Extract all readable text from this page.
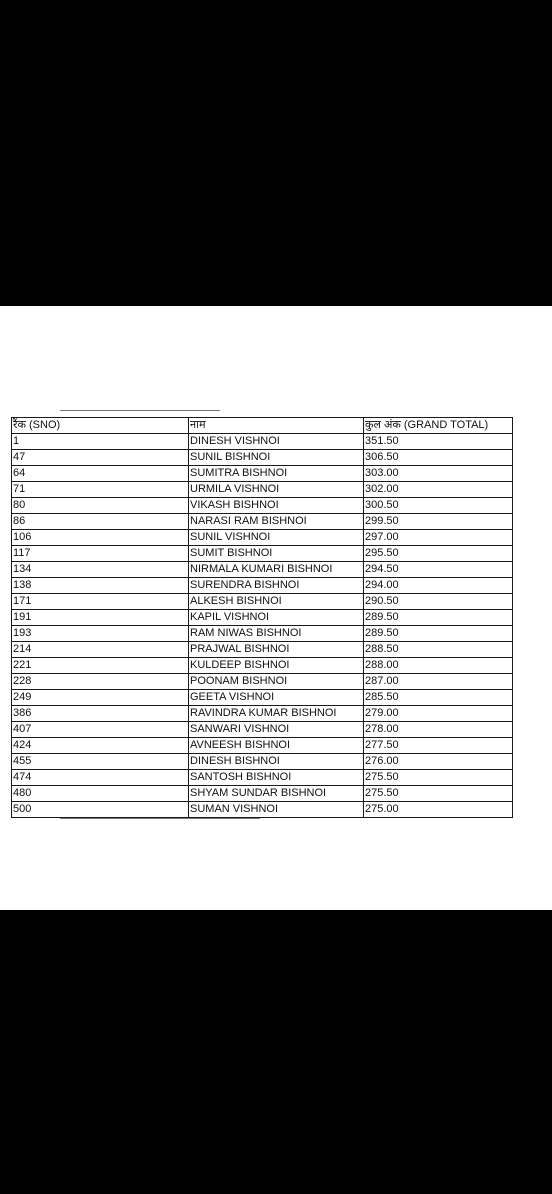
रैंक (SNO)	नाम	कुल अंक (GRAND TOTAL)
1	DINESH VISHNOI	351.50
47	SUNIL BISHNOI	306.50
64	SUMITRA BISHNOI	303.00
71	URMILA VISHNOI	302.00
80	VIKASH BISHNOI	300.50
86	NARASI RAM BISHNOI	299.50
106	SUNIL VISHNOI	297.00
117	SUMIT BISHNOI	295.50
134	NIRMALA KUMARI BISHNOI	294.50
138	SURENDRA BISHNOI	294.00
171	ALKESH BISHNOI	290.50
191	KAPIL VISHNOI	289.50
193	RAM NIWAS BISHNOI	289.50
214	PRAJWAL BISHNOI	288.50
221	KULDEEP BISHNOI	288.00
228	POONAM BISHNOI	287.00
249	GEETA VISHNOI	285.50
386	RAVINDRA KUMAR BISHNOI	279.00
407	SANWARI VISHNOI	278.00
424	AVNEESH BISHNOI	277.50
455	DINESH BISHNOI	276.00
474	SANTOSH BISHNOI	275.50
480	SHYAM SUNDAR BISHNOI	275.50
500	SUMAN VISHNOI	275.00
